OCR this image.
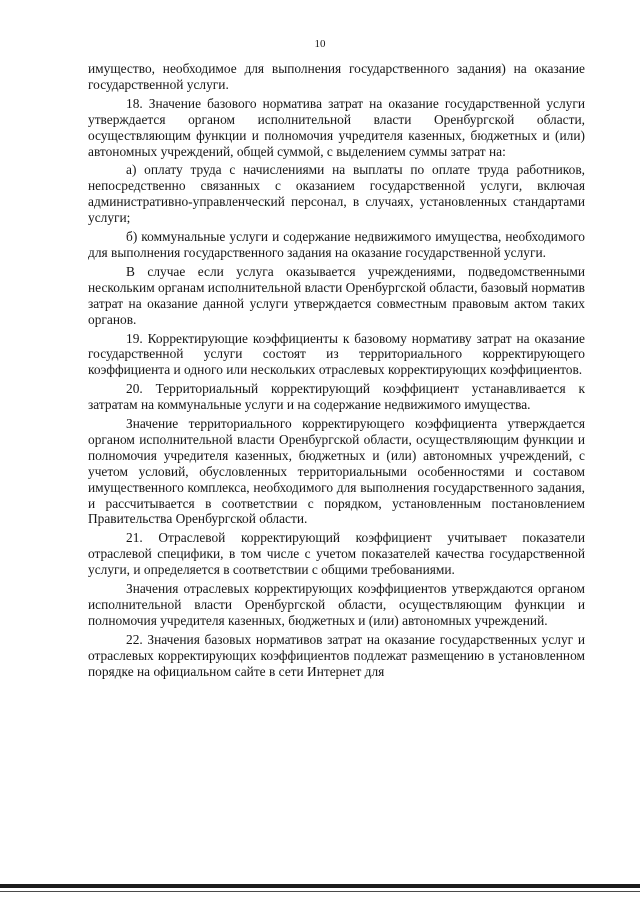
10

имущество, необходимое для выполнения государственного задания) на оказание государственной услуги.

18. Значение базового норматива затрат на оказание государственной услуги утверждается органом исполнительной власти Оренбургской области, осуществляющим функции и полномочия учредителя казенных, бюджетных и (или) автономных учреждений, общей суммой, с выделением суммы затрат на:

а) оплату труда с начислениями на выплаты по оплате труда работников, непосредственно связанных с оказанием государственной услуги, включая административно-управленческий персонал, в случаях, установленных стандартами услуги;

б) коммунальные услуги и содержание недвижимого имущества, необходимого для выполнения государственного задания на оказание государственной услуги.

В случае если услуга оказывается учреждениями, подведомственными нескольким органам исполнительной власти Оренбургской области, базовый норматив затрат на оказание данной услуги утверждается совместным правовым актом таких органов.

19. Корректирующие коэффициенты к базовому нормативу затрат на оказание государственной услуги состоят из территориального корректирующего коэффициента и одного или нескольких отраслевых корректирующих коэффициентов.

20. Территориальный корректирующий коэффициент устанавливается к затратам на коммунальные услуги и на содержание недвижимого имущества.

Значение территориального корректирующего коэффициента утверждается органом исполнительной власти Оренбургской области, осуществляющим функции и полномочия учредителя казенных, бюджетных и (или) автономных учреждений, с учетом условий, обусловленных территориальными особенностями и составом имущественного комплекса, необходимого для выполнения государственного задания, и рассчитывается в соответствии с порядком, установленным постановлением Правительства Оренбургской области.

21. Отраслевой корректирующий коэффициент учитывает показатели отраслевой специфики, в том числе с учетом показателей качества государственной услуги, и определяется в соответствии с общими требованиями.

Значения отраслевых корректирующих коэффициентов утверждаются органом исполнительной власти Оренбургской области, осуществляющим функции и полномочия учредителя казенных, бюджетных и (или) автономных учреждений.

22. Значения базовых нормативов затрат на оказание государственных услуг и отраслевых корректирующих коэффициентов подлежат размещению в установленном порядке на официальном сайте в сети Интернет для
